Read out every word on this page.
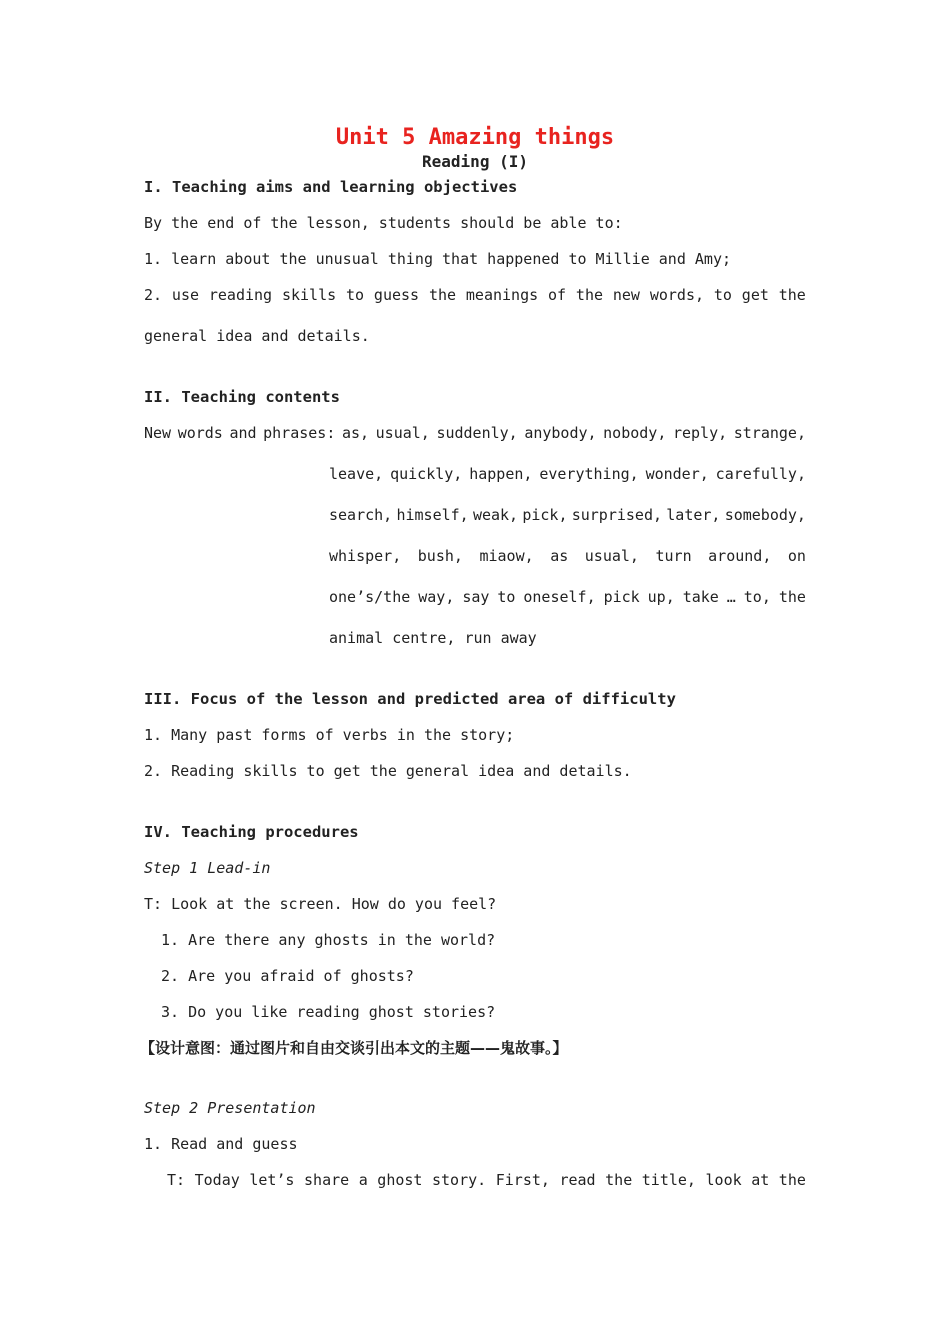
Unit 5 Amazing things
Reading (I)
I. Teaching aims and learning objectives
By the end of the lesson, students should be able to:
1. learn about the unusual thing that happened to Millie and Amy;
2. use reading skills to guess the meanings of the new words, to get the
general idea and details.
II. Teaching contents
New words and phrases: as, usual, suddenly, anybody, nobody, reply, strange,
leave, quickly, happen, everything, wonder, carefully,
search, himself, weak, pick, surprised, later, somebody,
whisper, bush, miaow, as usual, turn around, on
one’s/the way, say to oneself, pick up, take … to, the
animal centre, run away
III. Focus of the lesson and predicted area of difficulty
1. Many past forms of verbs in the story;
2. Reading skills to get the general idea and details.
IV. Teaching procedures
Step 1 Lead-in
T: Look at the screen. How do you feel?
1. Are there any ghosts in the world?
2. Are you afraid of ghosts?
3. Do you like reading ghost stories?
【设计意图：通过图片和自由交谈引出本文的主题——鬼故事。】
Step 2 Presentation
1. Read and guess
T: Today let’s share a ghost story. First, read the title, look at the
